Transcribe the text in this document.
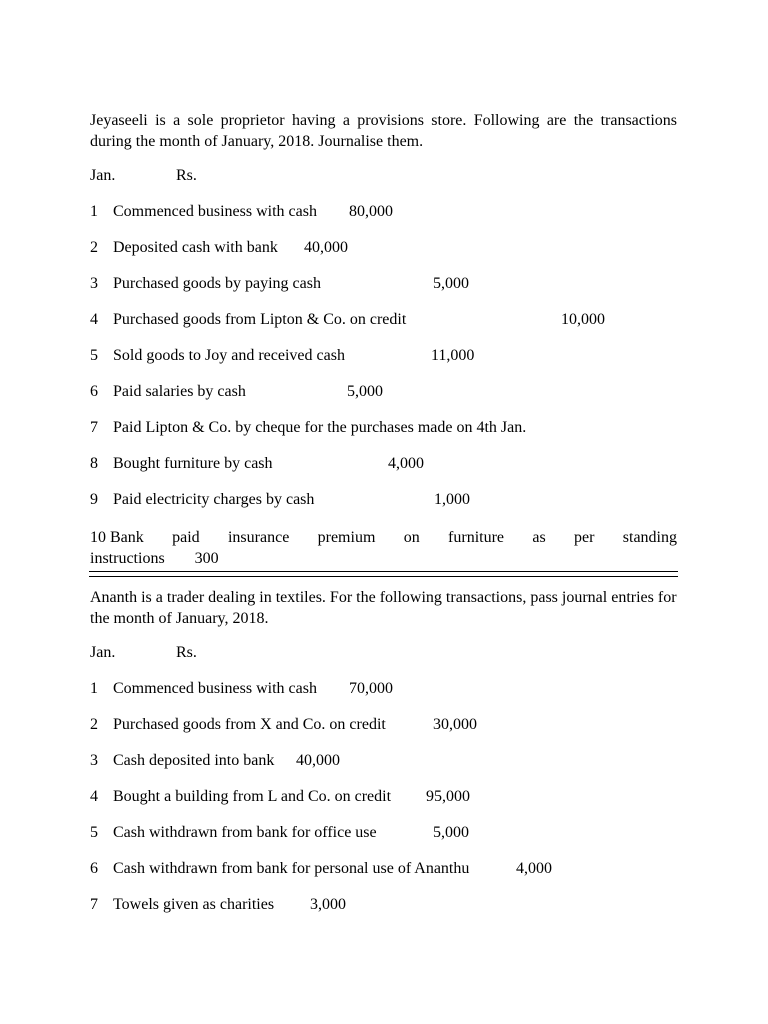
Jeyaseeli is a sole proprietor having a provisions store. Following are the transactions during the month of January, 2018. Journalise them.

Jan.	Rs.
1 Commenced business with cash 80,000
2 Deposited cash with bank 40,000
3 Purchased goods by paying cash	5,000
4 Purchased goods from Lipton & Co. on credit	10,000
5 Sold goods to Joy and received cash	11,000
6 Paid salaries by cash	5,000
7 Paid Lipton & Co. by cheque for the purchases made on 4th Jan.
8 Bought furniture by cash	4,000
9 Paid electricity charges by cash	1,000
10 Bank paid insurance premium on furniture as per standing
instructions 300

Ananth is a trader dealing in textiles. For the following transactions, pass journal entries for the month of January, 2018.

Jan.	Rs.
1 Commenced business with cash 70,000
2 Purchased goods from X and Co. on credit	30,000
3 Cash deposited into bank 40,000
4 Bought a building from L and Co. on credit 95,000
5 Cash withdrawn from bank for office use	5,000
6 Cash withdrawn from bank for personal use of Ananthu	4,000
7 Towels given as charities 3,000
